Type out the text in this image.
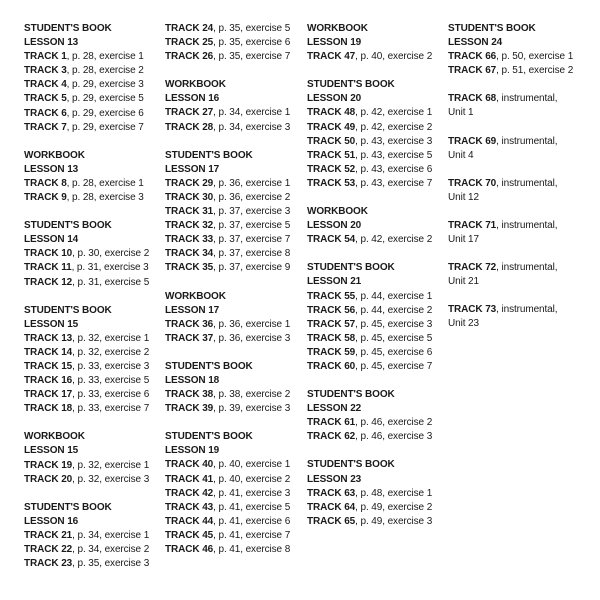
STUDENT'S BOOK
LESSON 13
TRACK 1, p. 28, exercise 1
TRACK 3, p. 28, exercise 2
TRACK 4, p. 29, exercise 3
TRACK 5, p. 29, exercise 5
TRACK 6, p. 29, exercise 6
TRACK 7, p. 29, exercise 7
WORKBOOK
LESSON 13
TRACK 8, p. 28, exercise 1
TRACK 9, p. 28, exercise 3
STUDENT'S BOOK
LESSON 14
TRACK 10, p. 30, exercise 2
TRACK 11, p. 31, exercise 3
TRACK 12, p. 31, exercise 5
STUDENT'S BOOK
LESSON 15
TRACK 13, p. 32, exercise 1
TRACK 14, p. 32, exercise 2
TRACK 15, p. 33, exercise 3
TRACK 16, p. 33, exercise 5
TRACK 17, p. 33, exercise 6
TRACK 18, p. 33, exercise 7
WORKBOOK
LESSON 15
TRACK 19, p. 32, exercise 1
TRACK 20, p. 32, exercise 3
STUDENT'S BOOK
LESSON 16
TRACK 21, p. 34, exercise 1
TRACK 22, p. 34, exercise 2
TRACK 23, p. 35, exercise 3
TRACK 24, p. 35, exercise 5
TRACK 25, p. 35, exercise 6
TRACK 26, p. 35, exercise 7
WORKBOOK
LESSON 16
TRACK 27, p. 34, exercise 1
TRACK 28, p. 34, exercise 3
STUDENT'S BOOK
LESSON 17
TRACK 29, p. 36, exercise 1
TRACK 30, p. 36, exercise 2
TRACK 31, p. 37, exercise 3
TRACK 32, p. 37, exercise 5
TRACK 33, p. 37, exercise 7
TRACK 34, p. 37, exercise 8
TRACK 35, p. 37, exercise 9
WORKBOOK
LESSON 17
TRACK 36, p. 36, exercise 1
TRACK 37, p. 36, exercise 3
STUDENT'S BOOK
LESSON 18
TRACK 38, p. 38, exercise 2
TRACK 39, p. 39, exercise 3
STUDENT'S BOOK
LESSON 19
TRACK 40, p. 40, exercise 1
TRACK 41, p. 40, exercise 2
TRACK 42, p. 41, exercise 3
TRACK 43, p. 41, exercise 5
TRACK 44, p. 41, exercise 6
TRACK 45, p. 41, exercise 7
TRACK 46, p. 41, exercise 8
WORKBOOK
LESSON 19
TRACK 47, p. 40, exercise 2
STUDENT'S BOOK
LESSON 20
TRACK 48, p. 42, exercise 1
TRACK 49, p. 42, exercise 2
TRACK 50, p. 43, exercise 3
TRACK 51, p. 43, exercise 5
TRACK 52, p. 43, exercise 6
TRACK 53, p. 43, exercise 7
WORKBOOK
LESSON 20
TRACK 54, p. 42, exercise 2
STUDENT'S BOOK
LESSON 21
TRACK 55, p. 44, exercise 1
TRACK 56, p. 44, exercise 2
TRACK 57, p. 45, exercise 3
TRACK 58, p. 45, exercise 5
TRACK 59, p. 45, exercise 6
TRACK 60, p. 45, exercise 7
STUDENT'S BOOK
LESSON 22
TRACK 61, p. 46, exercise 2
TRACK 62, p. 46, exercise 3
STUDENT'S BOOK
LESSON 23
TRACK 63, p. 48, exercise 1
TRACK 64, p. 49, exercise 2
TRACK 65, p. 49, exercise 3
STUDENT'S BOOK
LESSON 24
TRACK 66, p. 50, exercise 1
TRACK 67, p. 51, exercise 2
TRACK 68, instrumental,
Unit 1
TRACK 69, instrumental,
Unit 4
TRACK 70, instrumental,
Unit 12
TRACK 71, instrumental,
Unit 17
TRACK 72, instrumental,
Unit 21
TRACK 73, instrumental,
Unit 23
